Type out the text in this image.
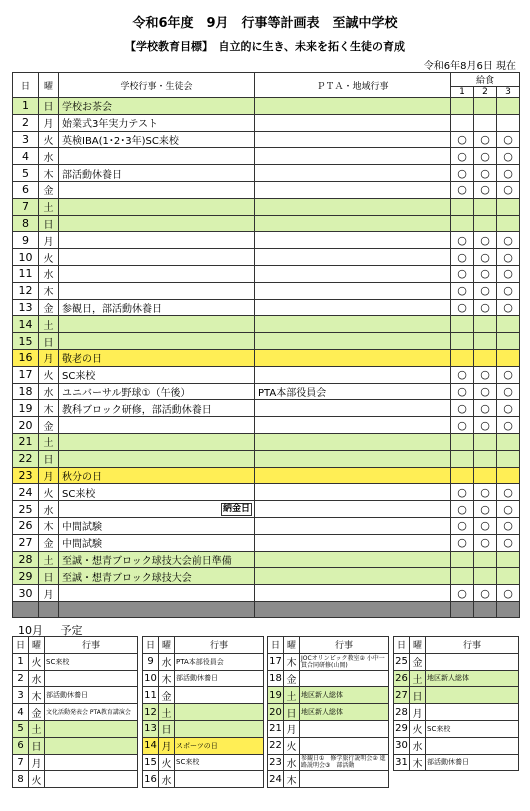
令和6年度　9月　行事等計画表　至誠中学校
【学校教育目標】　自立的に生き、未来を拓く生徒の育成
令和6年8月6日 現在
日	曜	学校行事・生徒会	ＰＴＡ・地域行事	給食		
				1	2	3
1	日	学校お茶会				
2	月	始業式3年実力テスト				
3	火	英検IBA(1･2･3年)SC来校		○	○	○
4	水			○	○	○
5	木	部活動休養日		○	○	○
6	金			○	○	○
7	土					
8	日					
9	月			○	○	○
10	火			○	○	○
11	水			○	○	○
12	木			○	○	○
13	金	参観日，部活動休養日		○	○	○
14	土					
15	日					
16	月	敬老の日				
17	火	SC来校		○	○	○
18	水	ユニバーサル野球①（午後）	PTA本部役員会	○	○	○
19	木	教科ブロック研修，部活動休養日		○	○	○
20	金			○	○	○
21	土					
22	日					
23	月	秋分の日				
24	火	SC来校		○	○	○
25	水	納金日		○	○	○
26	木	中間試験		○	○	○
27	金	中間試験		○	○	○
28	土	至誠・想青ブロック球技大会前日準備				
29	日	至誠・想青ブロック球技大会				
30	月			○	○	○

10月 予定
日	曜	行事
1	火	SC来校
2	水	
3	木	部活動休養日
4	金	文化活動発表会 PTA教育講演会

5	土	
6	日	
7	月	
8	火	
日	曜	行事
9	水	PTA本部役員会
10	木	部活動休養日
11	金	
12	土	
13	日	
14	月	スポーツの日
15	火	SC来校
16	水	
日	曜	行事
17	木	JOCオリンピック教室② 小中一貫合同研修(山岡)

18	金	
19	土	地区新人総体
20	日	地区新人総体
21	月	
22	火	
23	水	参観日①　修学旅行説明会② 進路説明会③　部活動

24	木	
日	曜	行事
25	金	
26	土	地区新人総体
27	日	
28	月	
29	火	SC来校
30	水	
31	木	部活動休養日
